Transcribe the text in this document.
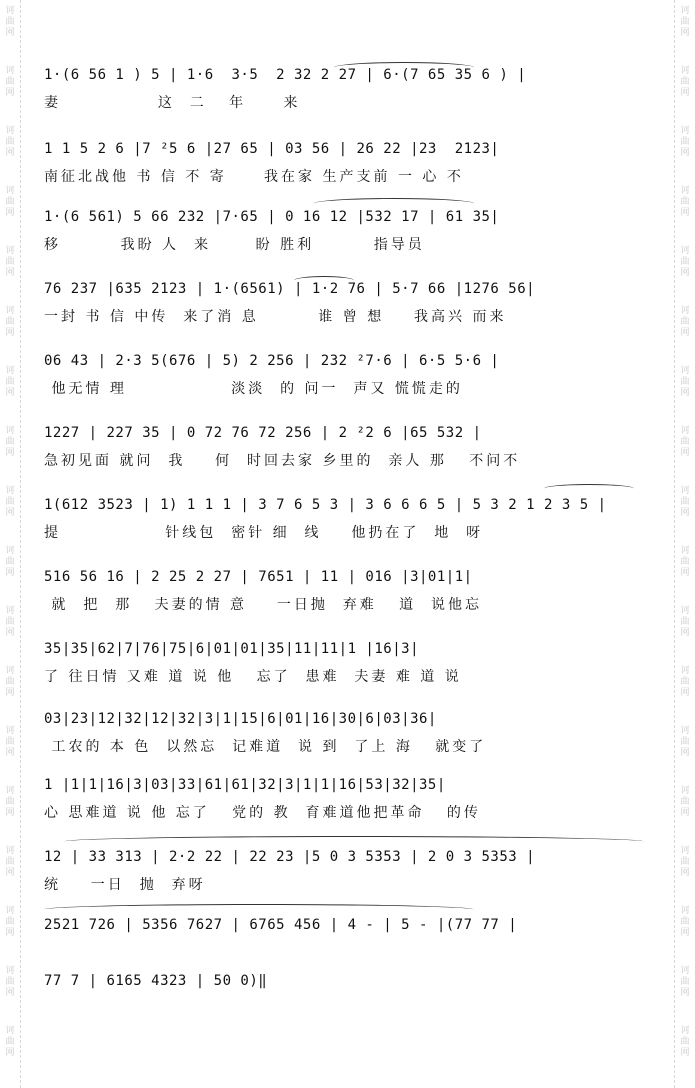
诃
曲
网
诃
曲
网
诃
曲
网
诃
曲
网
诃
曲
网
诃
曲
网
诃
曲
网
诃
曲
网
诃
曲
网
诃
曲
网
诃
曲
网
诃
曲
网
诃
曲
网
诃
曲
网
诃
曲
网
诃
曲
网
诃
曲
网
诃
曲
网
诃
曲
网
诃
曲
网
诃
曲
网
诃
曲
网
诃
曲
网
诃
曲
网
诃
曲
网
诃
曲
网
诃
曲
网
诃
曲
网
诃
曲
网
诃
曲
网
诃
曲
网
诃
曲
网
诃
曲
网
诃
曲
网
诃
曲
网
诃
曲
网
1·(6 56 1 ) 5 | 1·6  3·5  2 32 2 27 | 6·(7 65 35 6 ) |
妻             这  二   年     来
1 1 5 2 6 |7 ²5 6 |27 65 | 03 56 | 26 22 |23  2123|
南征北战他 书 信 不 寄     我在家 生产支前 一 心 不
1·(6 561) 5 66 232 |7·65 | 0 16 12 |532 17 | 61 35|
移        我盼 人  来      盼 胜利        指导员
76 237 |635 2123 | 1·(6561) | 1·2 76 | 5·7 66 |1276 56|
一封 书 信 中传  来了消 息        谁 曾 想    我高兴 而来
06 43 | 2·3 5(676 | 5) 2 256 | 232 ²7·6 | 6·5 5·6 |
他无情 理              淡淡  的 问一  声又 慌慌走的
1227 | 227 35 | 0 72 76 72 256 | 2 ²2 6 |65 532 |
急初见面 就问  我    何  时回去家 乡里的  亲人 那   不问不
1(612 3523 | 1) 1 1 1 | 3 7 6 5 3 | 3 6 6 6 5 | 5 3 2 1 2 3 5 |
提              针线包  密针 细  线    他扔在了  地  呀
516 56 16 | 2 25 2 27 | 7651 | 11 | 016 |3|01|1|
就  把  那   夫妻的情 意    一日抛  弃难   道  说他忘
35|35|62|7|76|75|6|01|01|35|11|11|1 |16|3|
了 往日情 又难 道 说 他   忘了  患难  夫妻 难 道 说
03|23|12|32|12|32|3|1|15|6|01|16|30|6|03|36|
工农的 本 色  以然忘  记难道  说 到  了上 海   就变了
1 |1|1|16|3|03|33|61|61|32|3|1|1|16|53|32|35|
心 思难道 说 他 忘了   党的 教  育难道他把革命   的传
12 | 33 313 | 2·2 22 | 22 23 |5 0 3 5353 | 2 0 3 5353 |
统    一日  抛  弃呀
2521 726 | 5356 7627 | 6765 456 | 4 - | 5 - |(77 77 |
77 7 | 6165 4323 | 50 0)‖
